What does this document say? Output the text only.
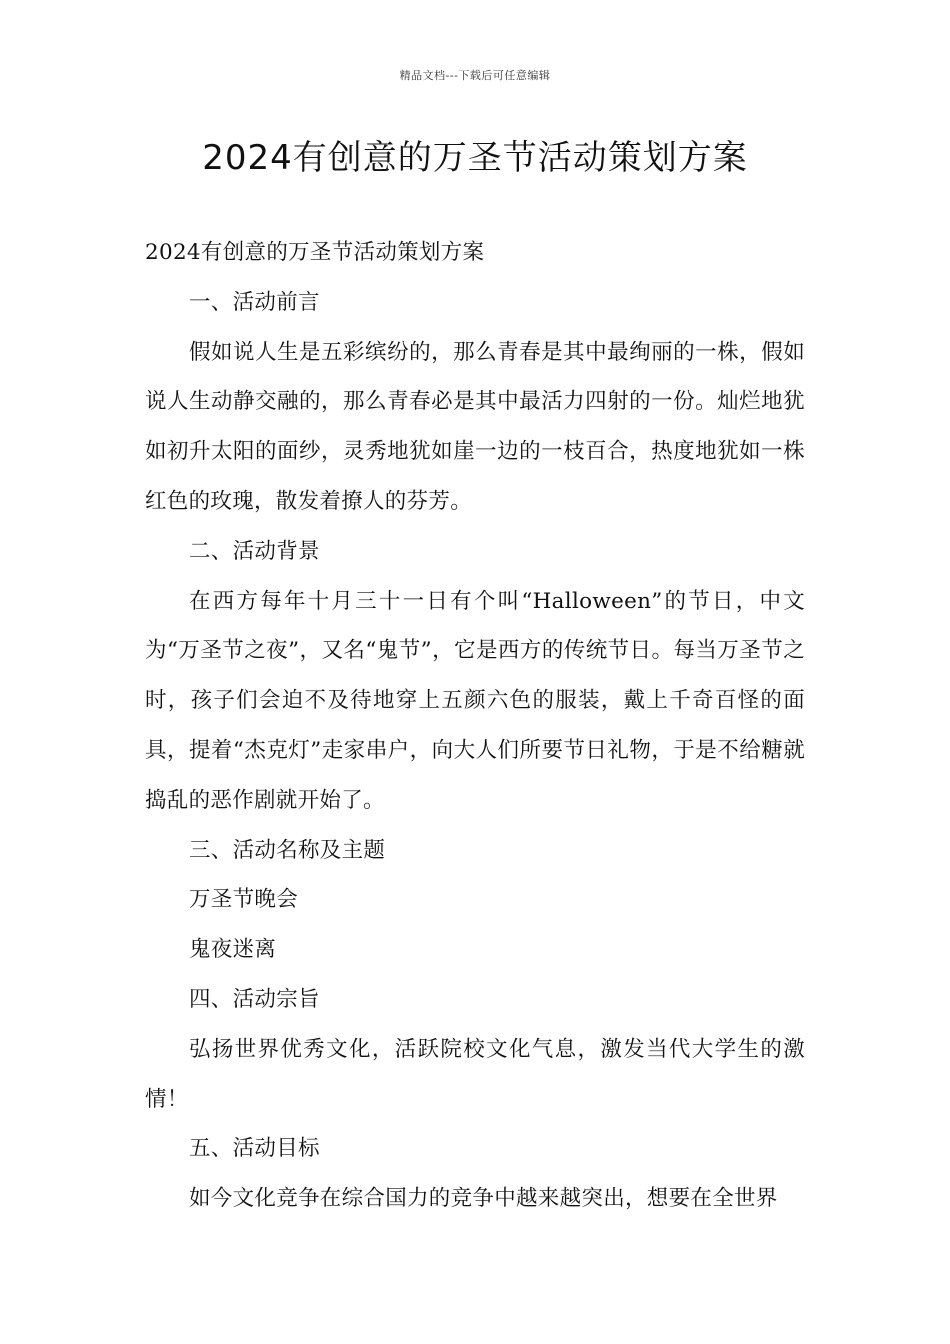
精品文档---下载后可任意编辑
2024有创意的万圣节活动策划方案

2024有创意的万圣节活动策划方案

一、活动前言

假如说人生是五彩缤纷的，那么青春是其中最绚丽的一株，假如说人生动静交融的，那么青春必是其中最活力四射的一份。灿烂地犹如初升太阳的面纱，灵秀地犹如崖一边的一枝百合，热度地犹如一株红色的玫瑰，散发着撩人的芬芳。

二、活动背景

在西方每年十月三十一日有个叫“Halloween”的节日，中文为“万圣节之夜”，又名“鬼节”，它是西方的传统节日。每当万圣节之时，孩子们会迫不及待地穿上五颜六色的服装，戴上千奇百怪的面具，提着“杰克灯”走家串户，向大人们所要节日礼物，于是不给糖就捣乱的恶作剧就开始了。

三、活动名称及主题

万圣节晚会

鬼夜迷离

四、活动宗旨

弘扬世界优秀文化，活跃院校文化气息，激发当代大学生的激情！

五、活动目标

如今文化竞争在综合国力的竞争中越来越突出，想要在全世界
